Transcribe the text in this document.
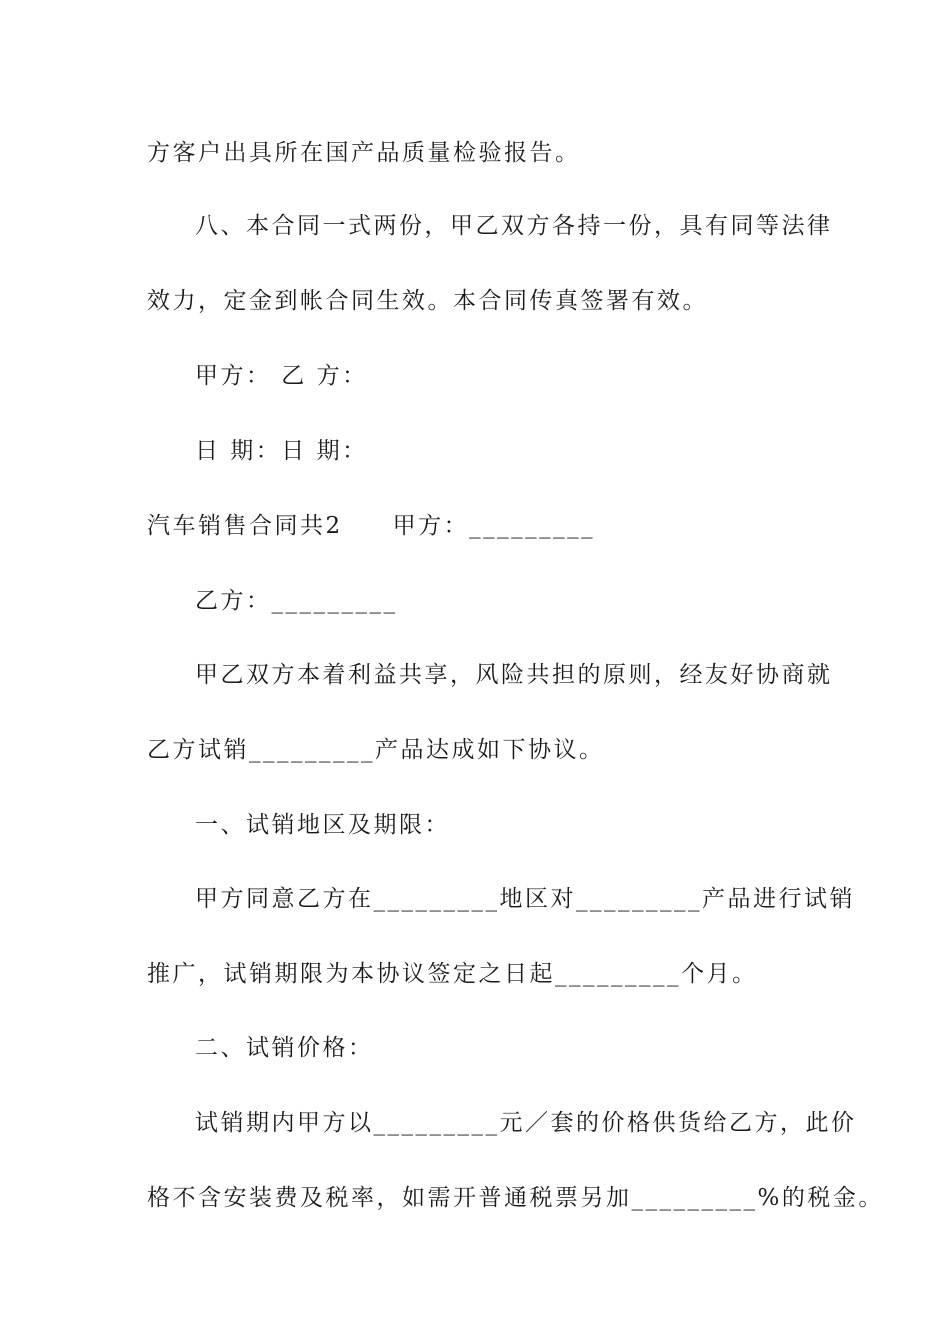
方客户出具所在国产品质量检验报告。
八、本合同一式两份，甲乙双方各持一份，具有同等法律
效力，定金到帐合同生效。本合同传真签署有效。
甲方： 乙 方：
日 期：日 期：
汽车销售合同共2 甲方：_________
乙方：_________
甲乙双方本着利益共享，风险共担的原则，经友好协商就
乙方试销_________产品达成如下协议。
一、试销地区及期限：
甲方同意乙方在_________地区对_________产品进行试销
推广，试销期限为本协议签定之日起_________个月。
二、试销价格：
试销期内甲方以_________元／套的价格供货给乙方，此价
格不含安装费及税率，如需开普通税票另加_________%的税金。
